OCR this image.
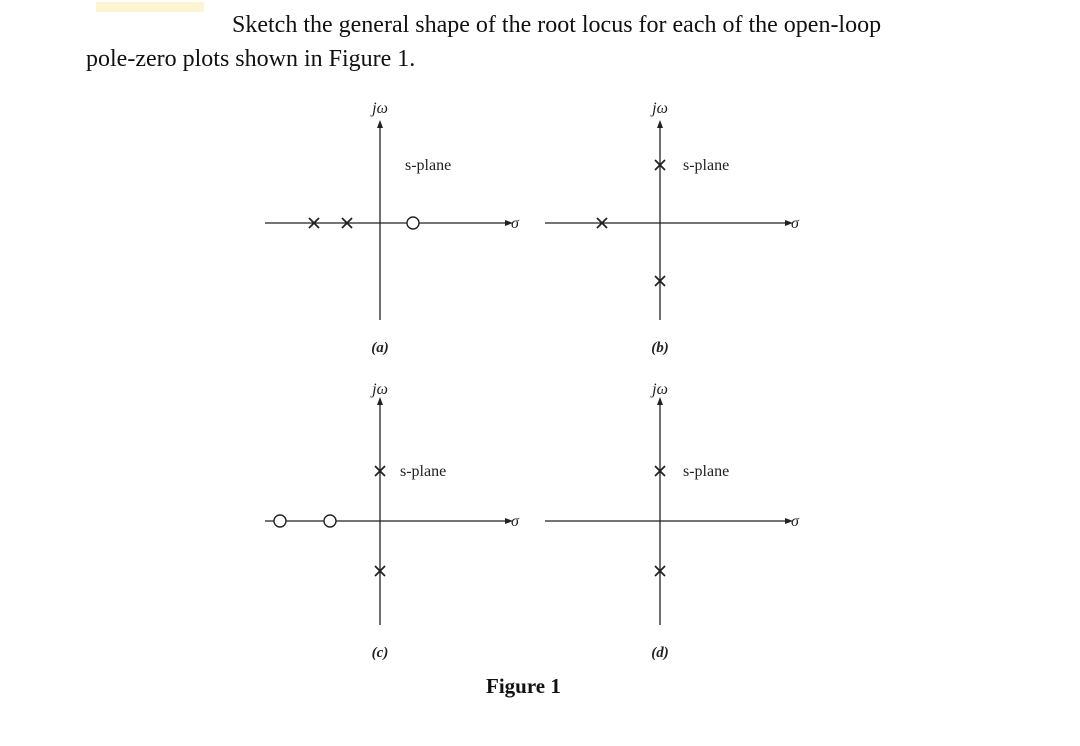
Sketch the general shape of the root locus for each of the open-loop
pole-zero plots shown in Figure 1.
jω
s-plane
σ
(a)
jω
s-plane
σ
(b)
jω
s-plane
σ
(c)
jω
s-plane
σ
(d)
Figure 1
